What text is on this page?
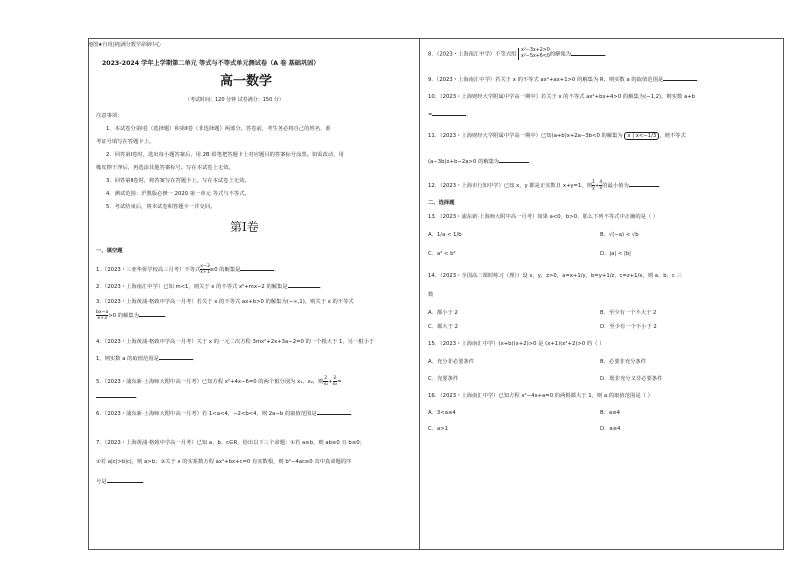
地图★自用|初|满分数学命制中心
2023-2024 学年上学期第二单元 等式与不等式单元测试卷（A 卷 基础巩固）
高一数学
（考试时间：120 分钟 试卷满分：150 分）
注意事项：
1．本试卷分第Ⅰ卷（选择题）和第Ⅱ卷（非选择题）两部分。答卷前，考生务必将自己的姓名、准
考证号填写在答题卡上。
2．回答第Ⅰ卷时，选出每小题答案后，用 2B 铅笔把答题卡上对应题目的答案标号涂黑。如需改动，用
橡皮擦干净后，再选涂其他答案标号。写在本试卷上无效。
3．回答第Ⅱ卷时，将答案写在答题卡上。写在本试卷上无效。
4．测试范围：沪教版必修一 2020 第一单元 等式与不等式。
5．考试结束后，将本试卷和答题卡一并交回。
第Ⅰ卷
一、填空题
1．（2023・三亚华侨学校高三月考）不等式 $\frac{x-3}{x+1} \ge 0$ 的解集是	．
2．（2023・上海南汇中学）已知 m<1，则关于 x 的不等式 x²+mx−2 的解集是	．
3．（2023・上海黄浦·格致中学高一月考）若关于 x 的不等式 ax+b>0 的解集为(−∞,1)，则关于 x 的不等式
$\frac{bx-a}{x+3} >0$ 的解集为	．
4．（2023・上海黄浦·格致中学高一月考）关于 x 的一元二次方程 3mx²+2x+3a−2=0 的一个根大于 1，另一根小于
1，则实数 a 的取值范围是	．
5．（2023・浦东新·上海师大附中高一月考）已知方程 x²+4x−6=0 的两个根分别为 x₁、x₂，则 $\frac{2}{\text{x₁}} + \frac{2}{\text{x₂}}$ =
．
6．（2023・浦东新·上海师大附中高一月考）若 1<a<4，−2<b<4，则 2a−b 的取值范围是	．
7．（2023・上海黄浦·格致中学高一月考）已知 a、b、c∈R，给出以下三个命题：①若 a≥b，则 ab≥0 且 b≤0；
②若 a|c|>b|c|，则 a>b；③关于 x 的实系数方程 ax²+bx+c=0 有实数根，则 b²−4ac≥0 其中真命题的序
号是	．
8．（2023・上海南汇中学）不等式组
x²−3x+2>0
x²−5x+6<0 的解集为	．
9．（2023・上海南汇中学）若关于 x 的不等式 ax²+ax+1>0 的解集为 R，则实数 a 的取值范围是	．
10．（2023・上海财经大学附属中学高一期中）若关于 x 的不等式 ax²+bx+4>0 的解集为(−1,2)，则实数 a+b
=	．
11．（2023・上海财经大学附属中学高一期中）已知(a+b)x+2a−3b<0 的解集为 x | x<−1/3 ，则不等式
(a−3b)x+b−2a>0 的解集为	．
12．（2023・上海市行知中学）已知 x、y 都是正实数且 x+y=1，则 $\frac{1}{y} + \frac{4}{x}$ 的最小值为	．
二、选择题
13．（2023・浦东新·上海师大附中高一月考）如果 a<0，b>0，那么下列不等式中正确的是（ ）
A．1/a < 1/b	B．√(−a) < √b
C．a² < b²	D．|a| < |b|
14．（2023・全国高二课时练习（理））设 x，y，z>0，a=x+1/y，b=y+1/z，c=z+1/x，则 a、b、c 三
数
A．都小于 2	B．至少有一个不大于 2
C．都大于 2	D．至少有一个不小于 2
15．（2023・上海南汇中学）(x+b)(x+2)>0 是 (x+1)(x²+2)>0 的（ ）
A．充分非必要条件	B．必要非充分条件
C．充要条件	D．既非充分又非必要条件
16．（2023・上海南汇中学）已知方程 x²−4x+a=0 的两根都大于 1，则 a 的取值范围是（ ）
A．3<a≤4	B．a≤4
C．a>1	D．a≤4
